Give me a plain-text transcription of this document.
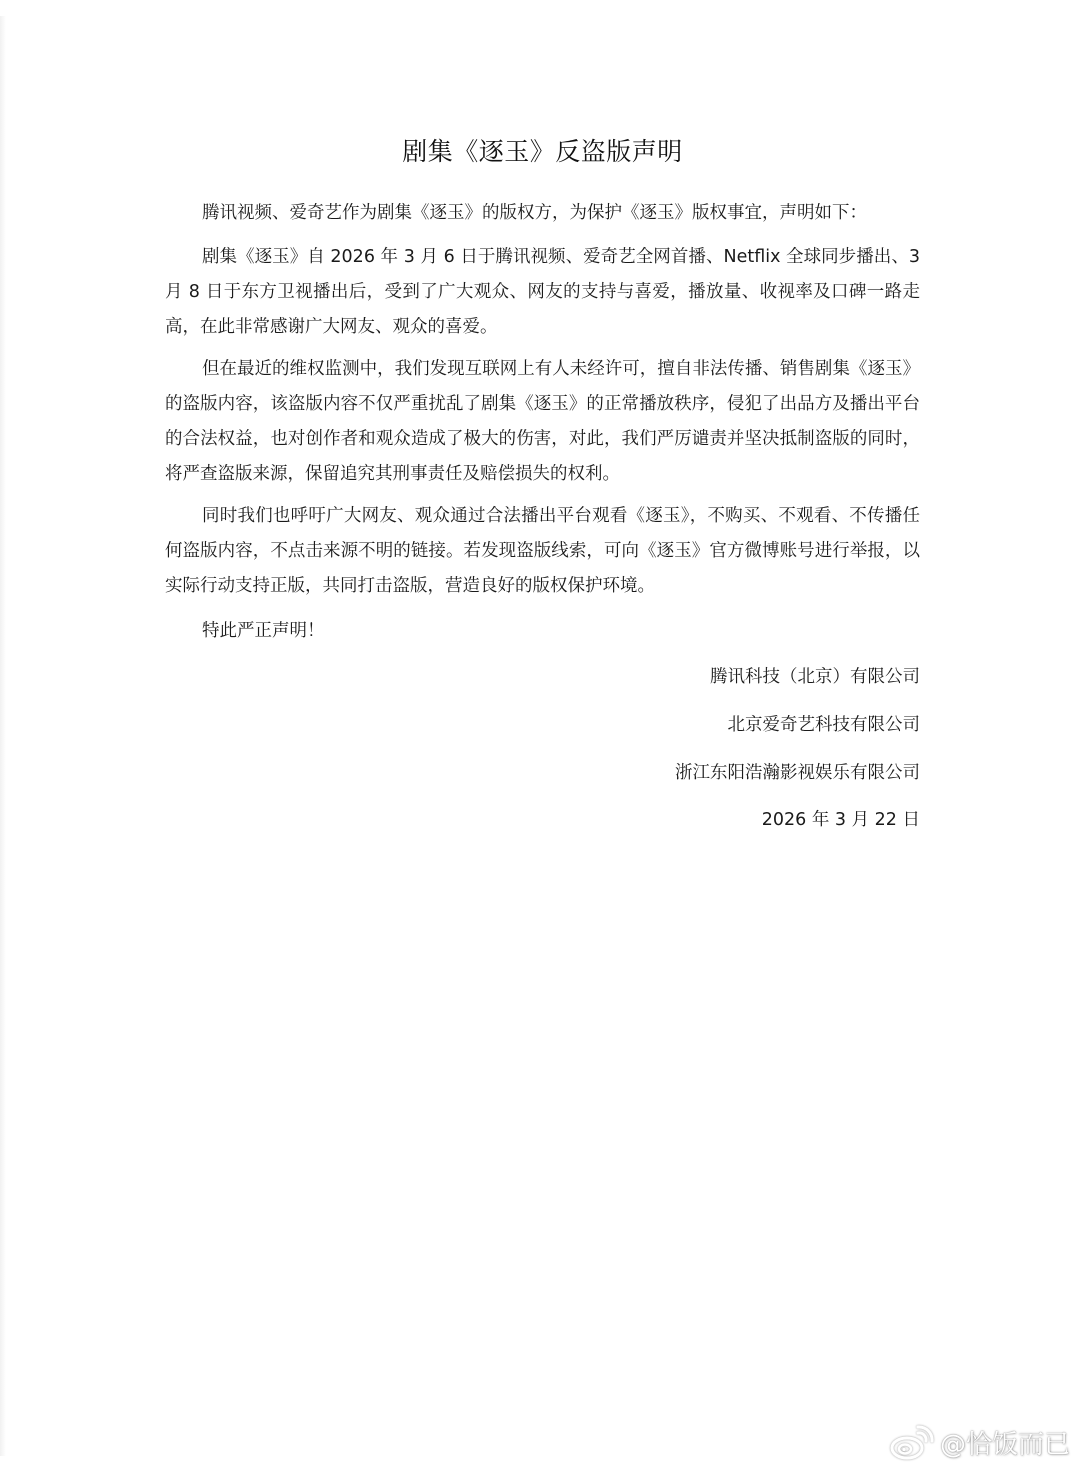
剧集《逐玉》反盗版声明

腾讯视频、爱奇艺作为剧集《逐玉》的版权方，为保护《逐玉》版权事宜，声明如下：

剧集《逐玉》自 2026 年 3 月 6 日于腾讯视频、爱奇艺全网首播、Netflix 全球同步播出、3 月 8 日于东方卫视播出后，受到了广大观众、网友的支持与喜爱，播放量、收视率及口碑一路走高，在此非常感谢广大网友、观众的喜爱。

但在最近的维权监测中，我们发现互联网上有人未经许可，擅自非法传播、销售剧集《逐玉》的盗版内容，该盗版内容不仅严重扰乱了剧集《逐玉》的正常播放秩序，侵犯了出品方及播出平台的合法权益，也对创作者和观众造成了极大的伤害，对此，我们严厉谴责并坚决抵制盗版的同时，将严查盗版来源，保留追究其刑事责任及赔偿损失的权利。

同时我们也呼吁广大网友、观众通过合法播出平台观看《逐玉》，不购买、不观看、不传播任何盗版内容，不点击来源不明的链接。若发现盗版线索，可向《逐玉》官方微博账号进行举报，以实际行动支持正版，共同打击盗版，营造良好的版权保护环境。

特此严正声明！

腾讯科技（北京）有限公司
北京爱奇艺科技有限公司
浙江东阳浩瀚影视娱乐有限公司
2026 年 3 月 22 日
@恰饭而已
